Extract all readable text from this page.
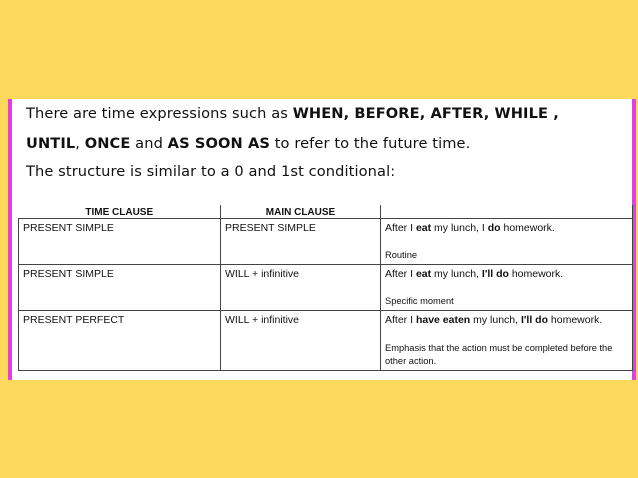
There are time expressions such as WHEN, BEFORE, AFTER, WHILE ,
UNTIL, ONCE and AS SOON AS to refer to the future time.
The structure is similar to a 0 and 1st conditional:
TIME CLAUSE	MAIN CLAUSE	
PRESENT SIMPLE	PRESENT SIMPLE	After I eat my lunch, I do homework.
Routine

PRESENT SIMPLE	WILL + infinitive	After I eat my lunch, I'll do homework.
Specific moment

PRESENT PERFECT	WILL + infinitive	After I have eaten my lunch, I'll do homework.
Emphasis that the action must be completed before the other action.
